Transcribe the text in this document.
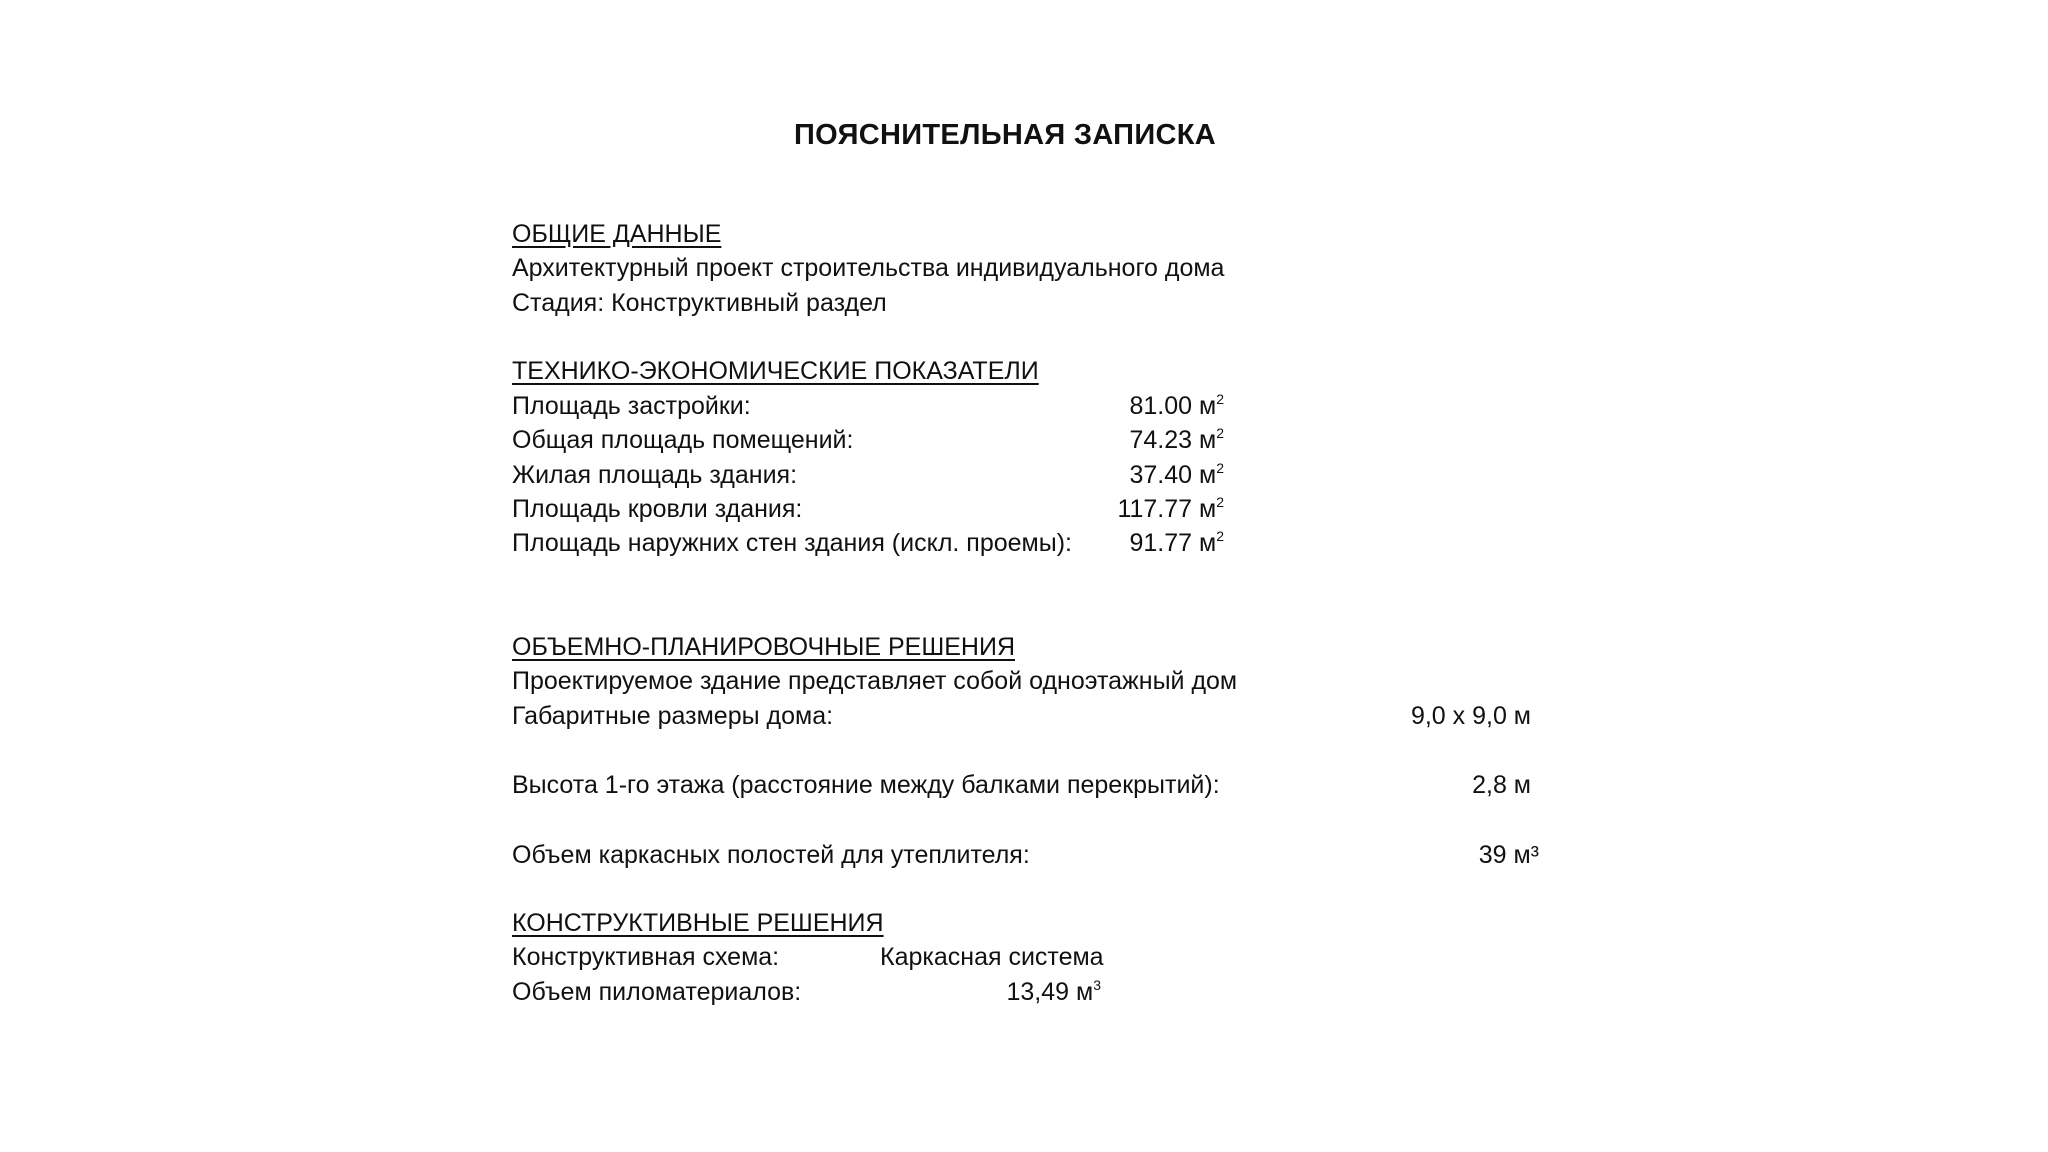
ПОЯСНИТЕЛЬНАЯ ЗАПИСКА
ОБЩИЕ ДАННЫЕ
Архитектурный проект строительства индивидуального дома
Стадия: Конструктивный раздел
ТЕХНИКО-ЭКОНОМИЧЕСКИЕ ПОКАЗАТЕЛИ
Площадь застройки:	81.00 $м^2$
Общая площадь помещений:	74.23 $м^2$
Жилая площадь здания:	37.40 $м^2$
Площадь кровли здания:	117.77 $м^2$
Площадь наружних стен здания (искл. проемы): 91.77 $м^2$
ОБЪЕМНО-ПЛАНИРОВОЧНЫЕ РЕШЕНИЯ
Проектируемое здание представляет собой одноэтажный дом
Габаритные размеры дома:	9,0 х 9,0 м
Высота 1-го этажа (расстояние между балками перекрытий):	2,8 м
Объем каркасных полостей для утеплителя:	39 м³
КОНСТРУКТИВНЫЕ РЕШЕНИЯ
Конструктивная схема:	Каркасная система
Объем пиломатериалов:	13,49 $м^3$
